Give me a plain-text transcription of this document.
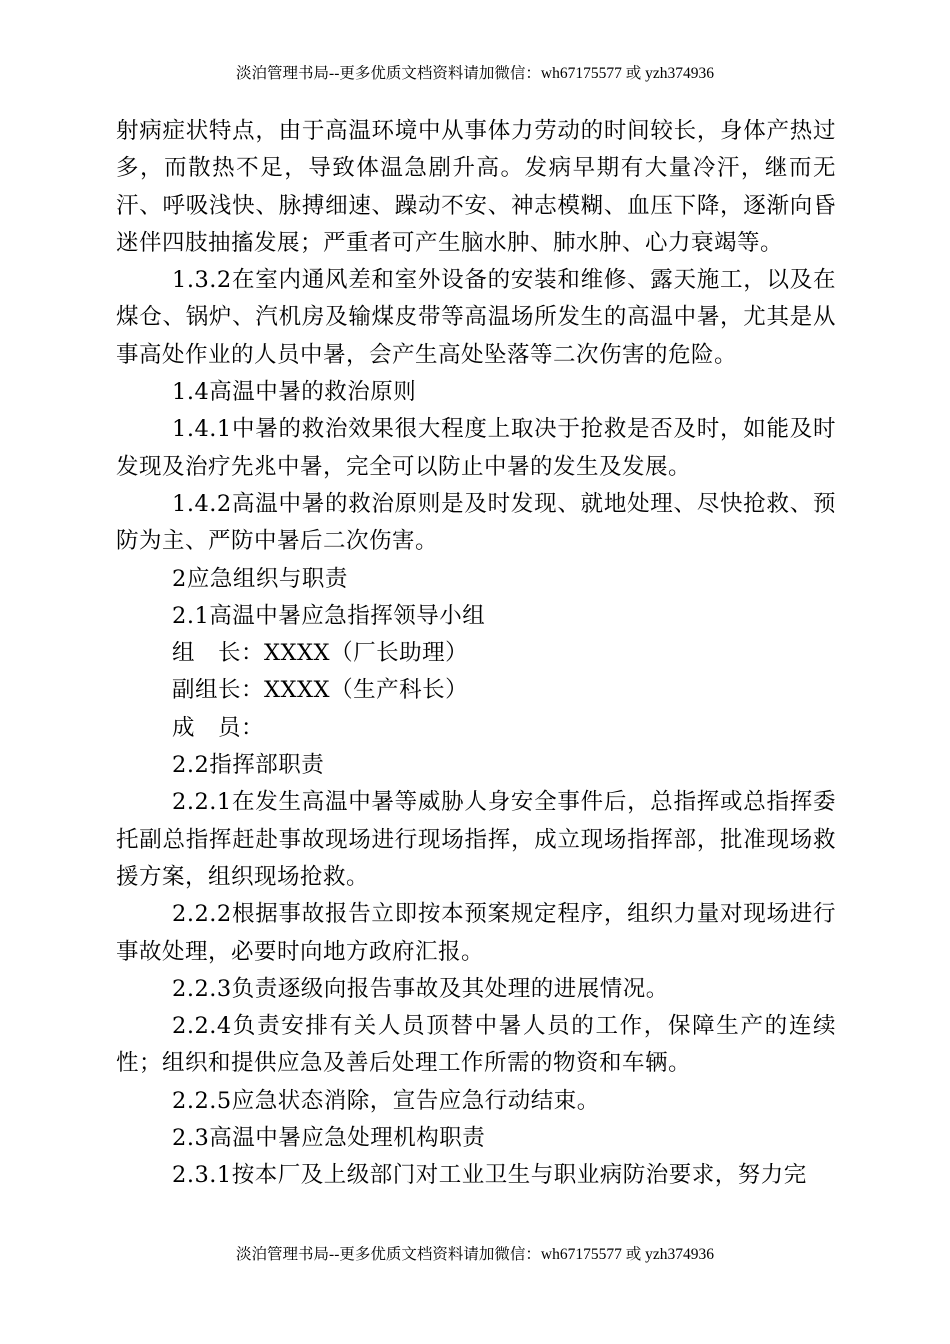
淡泊管理书局--更多优质文档资料请加微信：wh67175577 或 yzh374936

射病症状特点，由于高温环境中从事体力劳动的时间较长，身体产热过多，而散热不足，导致体温急剧升高。发病早期有大量冷汗，继而无汗、呼吸浅快、脉搏细速、躁动不安、神志模糊、血压下降，逐渐向昏迷伴四肢抽搐发展；严重者可产生脑水肿、肺水肿、心力衰竭等。

1.3.2在室内通风差和室外设备的安装和维修、露天施工，以及在煤仓、锅炉、汽机房及输煤皮带等高温场所发生的高温中暑，尤其是从事高处作业的人员中暑，会产生高处坠落等二次伤害的危险。

1.4高温中暑的救治原则

1.4.1中暑的救治效果很大程度上取决于抢救是否及时，如能及时发现及治疗先兆中暑，完全可以防止中暑的发生及发展。

1.4.2高温中暑的救治原则是及时发现、就地处理、尽快抢救、预防为主、严防中暑后二次伤害。

2应急组织与职责

2.1高温中暑应急指挥领导小组

组　长：XXXX（厂长助理）

副组长：XXXX（生产科长）

成　员：

2.2指挥部职责

2.2.1在发生高温中暑等威胁人身安全事件后，总指挥或总指挥委托副总指挥赶赴事故现场进行现场指挥，成立现场指挥部，批准现场救援方案，组织现场抢救。

2.2.2根据事故报告立即按本预案规定程序，组织力量对现场进行事故处理，必要时向地方政府汇报。

2.2.3负责逐级向报告事故及其处理的进展情况。

2.2.4负责安排有关人员顶替中暑人员的工作，保障生产的连续性；组织和提供应急及善后处理工作所需的物资和车辆。

2.2.5应急状态消除，宣告应急行动结束。

2.3高温中暑应急处理机构职责

2.3.1按本厂及上级部门对工业卫生与职业病防治要求，努力完

淡泊管理书局--更多优质文档资料请加微信：wh67175577 或 yzh374936
